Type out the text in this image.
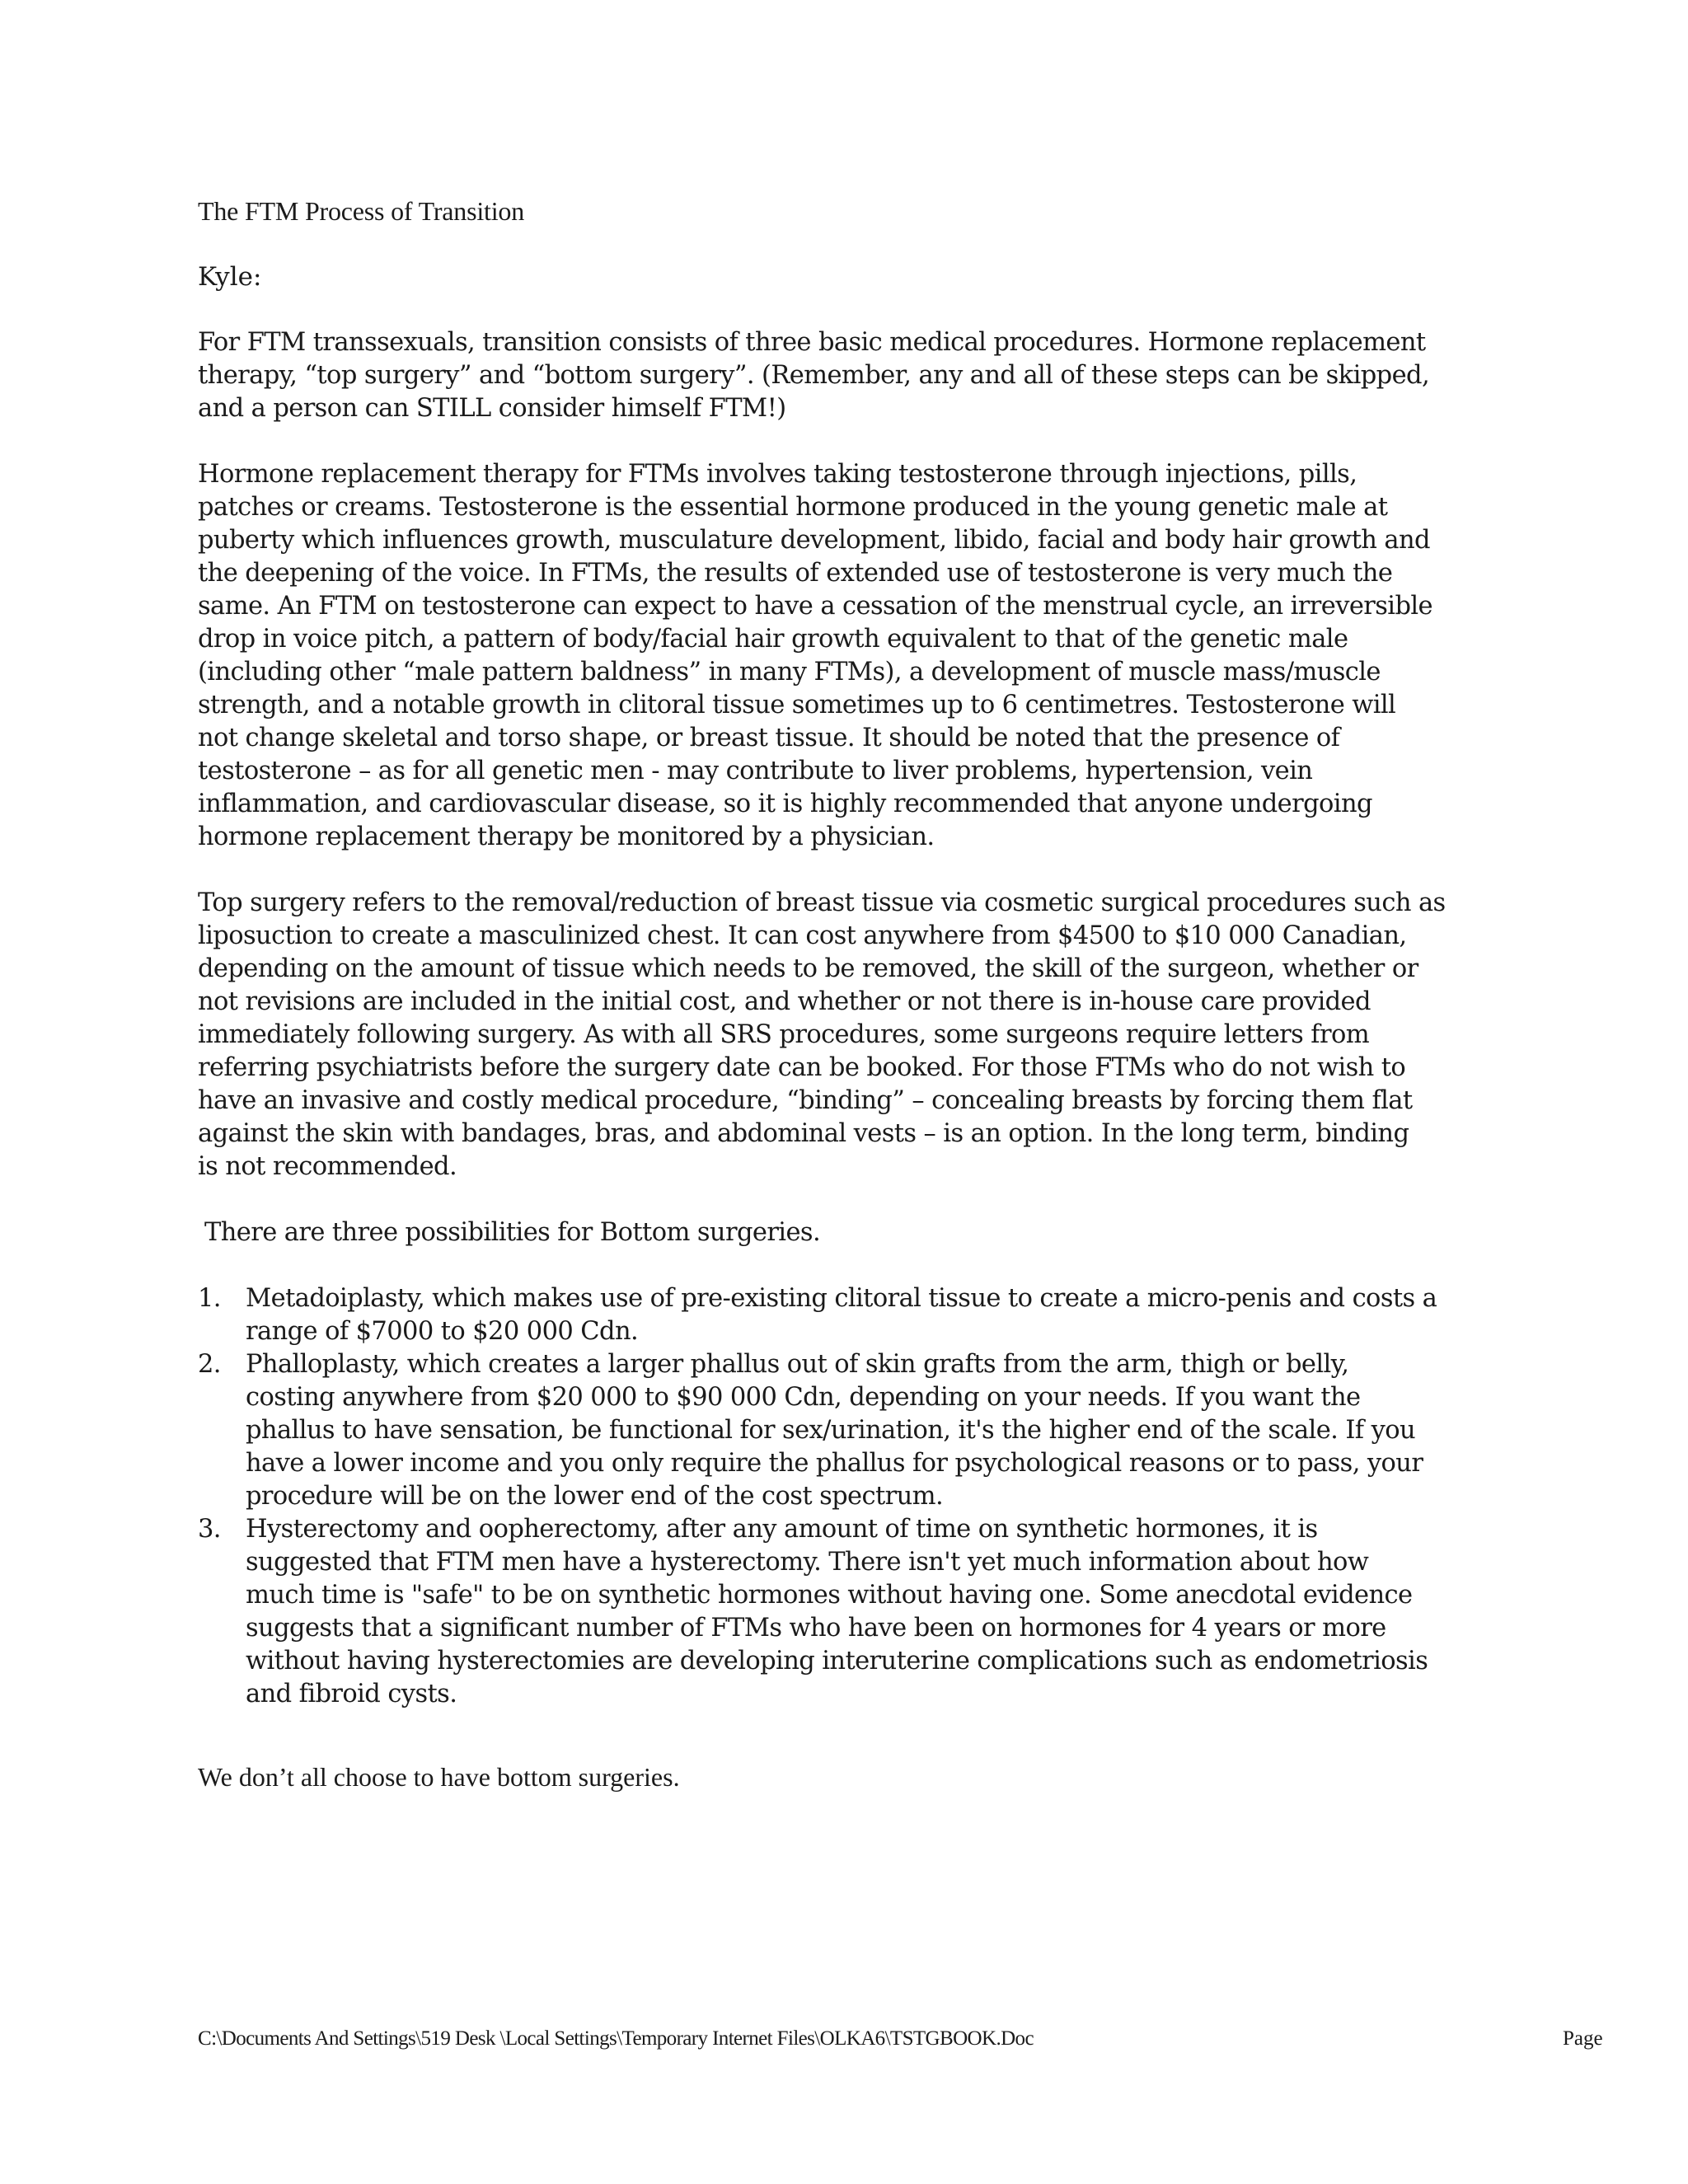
The FTM Process of Transition
Kyle:
For FTM transsexuals, transition consists of three basic medical procedures. Hormone replacement
therapy, “top surgery” and “bottom surgery”. (Remember, any and all of these steps can be skipped,
and a person can STILL consider himself FTM!)
Hormone replacement therapy for FTMs involves taking testosterone through injections, pills,
patches or creams. Testosterone is the essential hormone produced in the young genetic male at
puberty which influences growth, musculature development, libido, facial and body hair growth and
the deepening of the voice. In FTMs, the results of extended use of testosterone is very much the
same. An FTM on testosterone can expect to have a cessation of the menstrual cycle, an irreversible
drop in voice pitch, a pattern of body/facial hair growth equivalent to that of the genetic male
(including other “male pattern baldness” in many FTMs), a development of muscle mass/muscle
strength, and a notable growth in clitoral tissue sometimes up to 6 centimetres. Testosterone will
not change skeletal and torso shape, or breast tissue. It should be noted that the presence of
testosterone – as for all genetic men - may contribute to liver problems, hypertension, vein
inflammation, and cardiovascular disease, so it is highly recommended that anyone undergoing
hormone replacement therapy be monitored by a physician.
Top surgery refers to the removal/reduction of breast tissue via cosmetic surgical procedures such as
liposuction to create a masculinized chest. It can cost anywhere from $4500 to $10 000 Canadian,
depending on the amount of tissue which needs to be removed, the skill of the surgeon, whether or
not revisions are included in the initial cost, and whether or not there is in-house care provided
immediately following surgery. As with all SRS procedures, some surgeons require letters from
referring psychiatrists before the surgery date can be booked. For those FTMs who do not wish to
have an invasive and costly medical procedure, “binding” – concealing breasts by forcing them flat
against the skin with bandages, bras, and abdominal vests – is an option. In the long term, binding
is not recommended.
There are three possibilities for Bottom surgeries.
1. Metadoiplasty, which makes use of pre-existing clitoral tissue to create a micro-penis and costs a
range of $7000 to $20 000 Cdn.
2. Phalloplasty, which creates a larger phallus out of skin grafts from the arm, thigh or belly,
costing anywhere from $20 000 to $90 000 Cdn, depending on your needs. If you want the
phallus to have sensation, be functional for sex/urination, it's the higher end of the scale. If you
have a lower income and you only require the phallus for psychological reasons or to pass, your
procedure will be on the lower end of the cost spectrum.
3. Hysterectomy and oopherectomy, after any amount of time on synthetic hormones, it is
suggested that FTM men have a hysterectomy. There isn't yet much information about how
much time is "safe" to be on synthetic hormones without having one. Some anecdotal evidence
suggests that a significant number of FTMs who have been on hormones for 4 years or more
without having hysterectomies are developing interuterine complications such as endometriosis
and fibroid cysts.
We don’t all choose to have bottom surgeries.
C:\Documents And Settings\519 Desk \Local Settings\Temporary Internet Files\OLKA6\TSTGBOOK.Doc	Page
